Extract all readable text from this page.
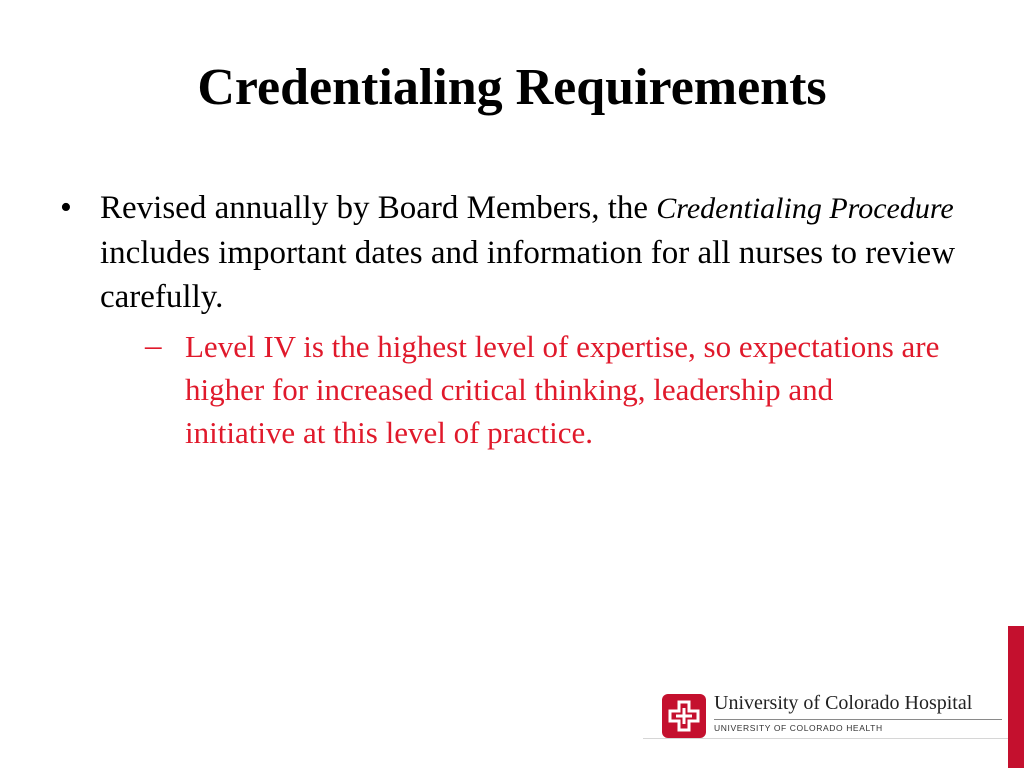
Credentialing Requirements
• Revised annually by Board Members, the Credentialing Procedure includes important dates and information for all nurses to review carefully.
– Level IV is the highest level of expertise, so expectations are higher for increased critical thinking, leadership and initiative at this level of practice.
University of Colorado Hospital
UNIVERSITY OF COLORADO HEALTH
